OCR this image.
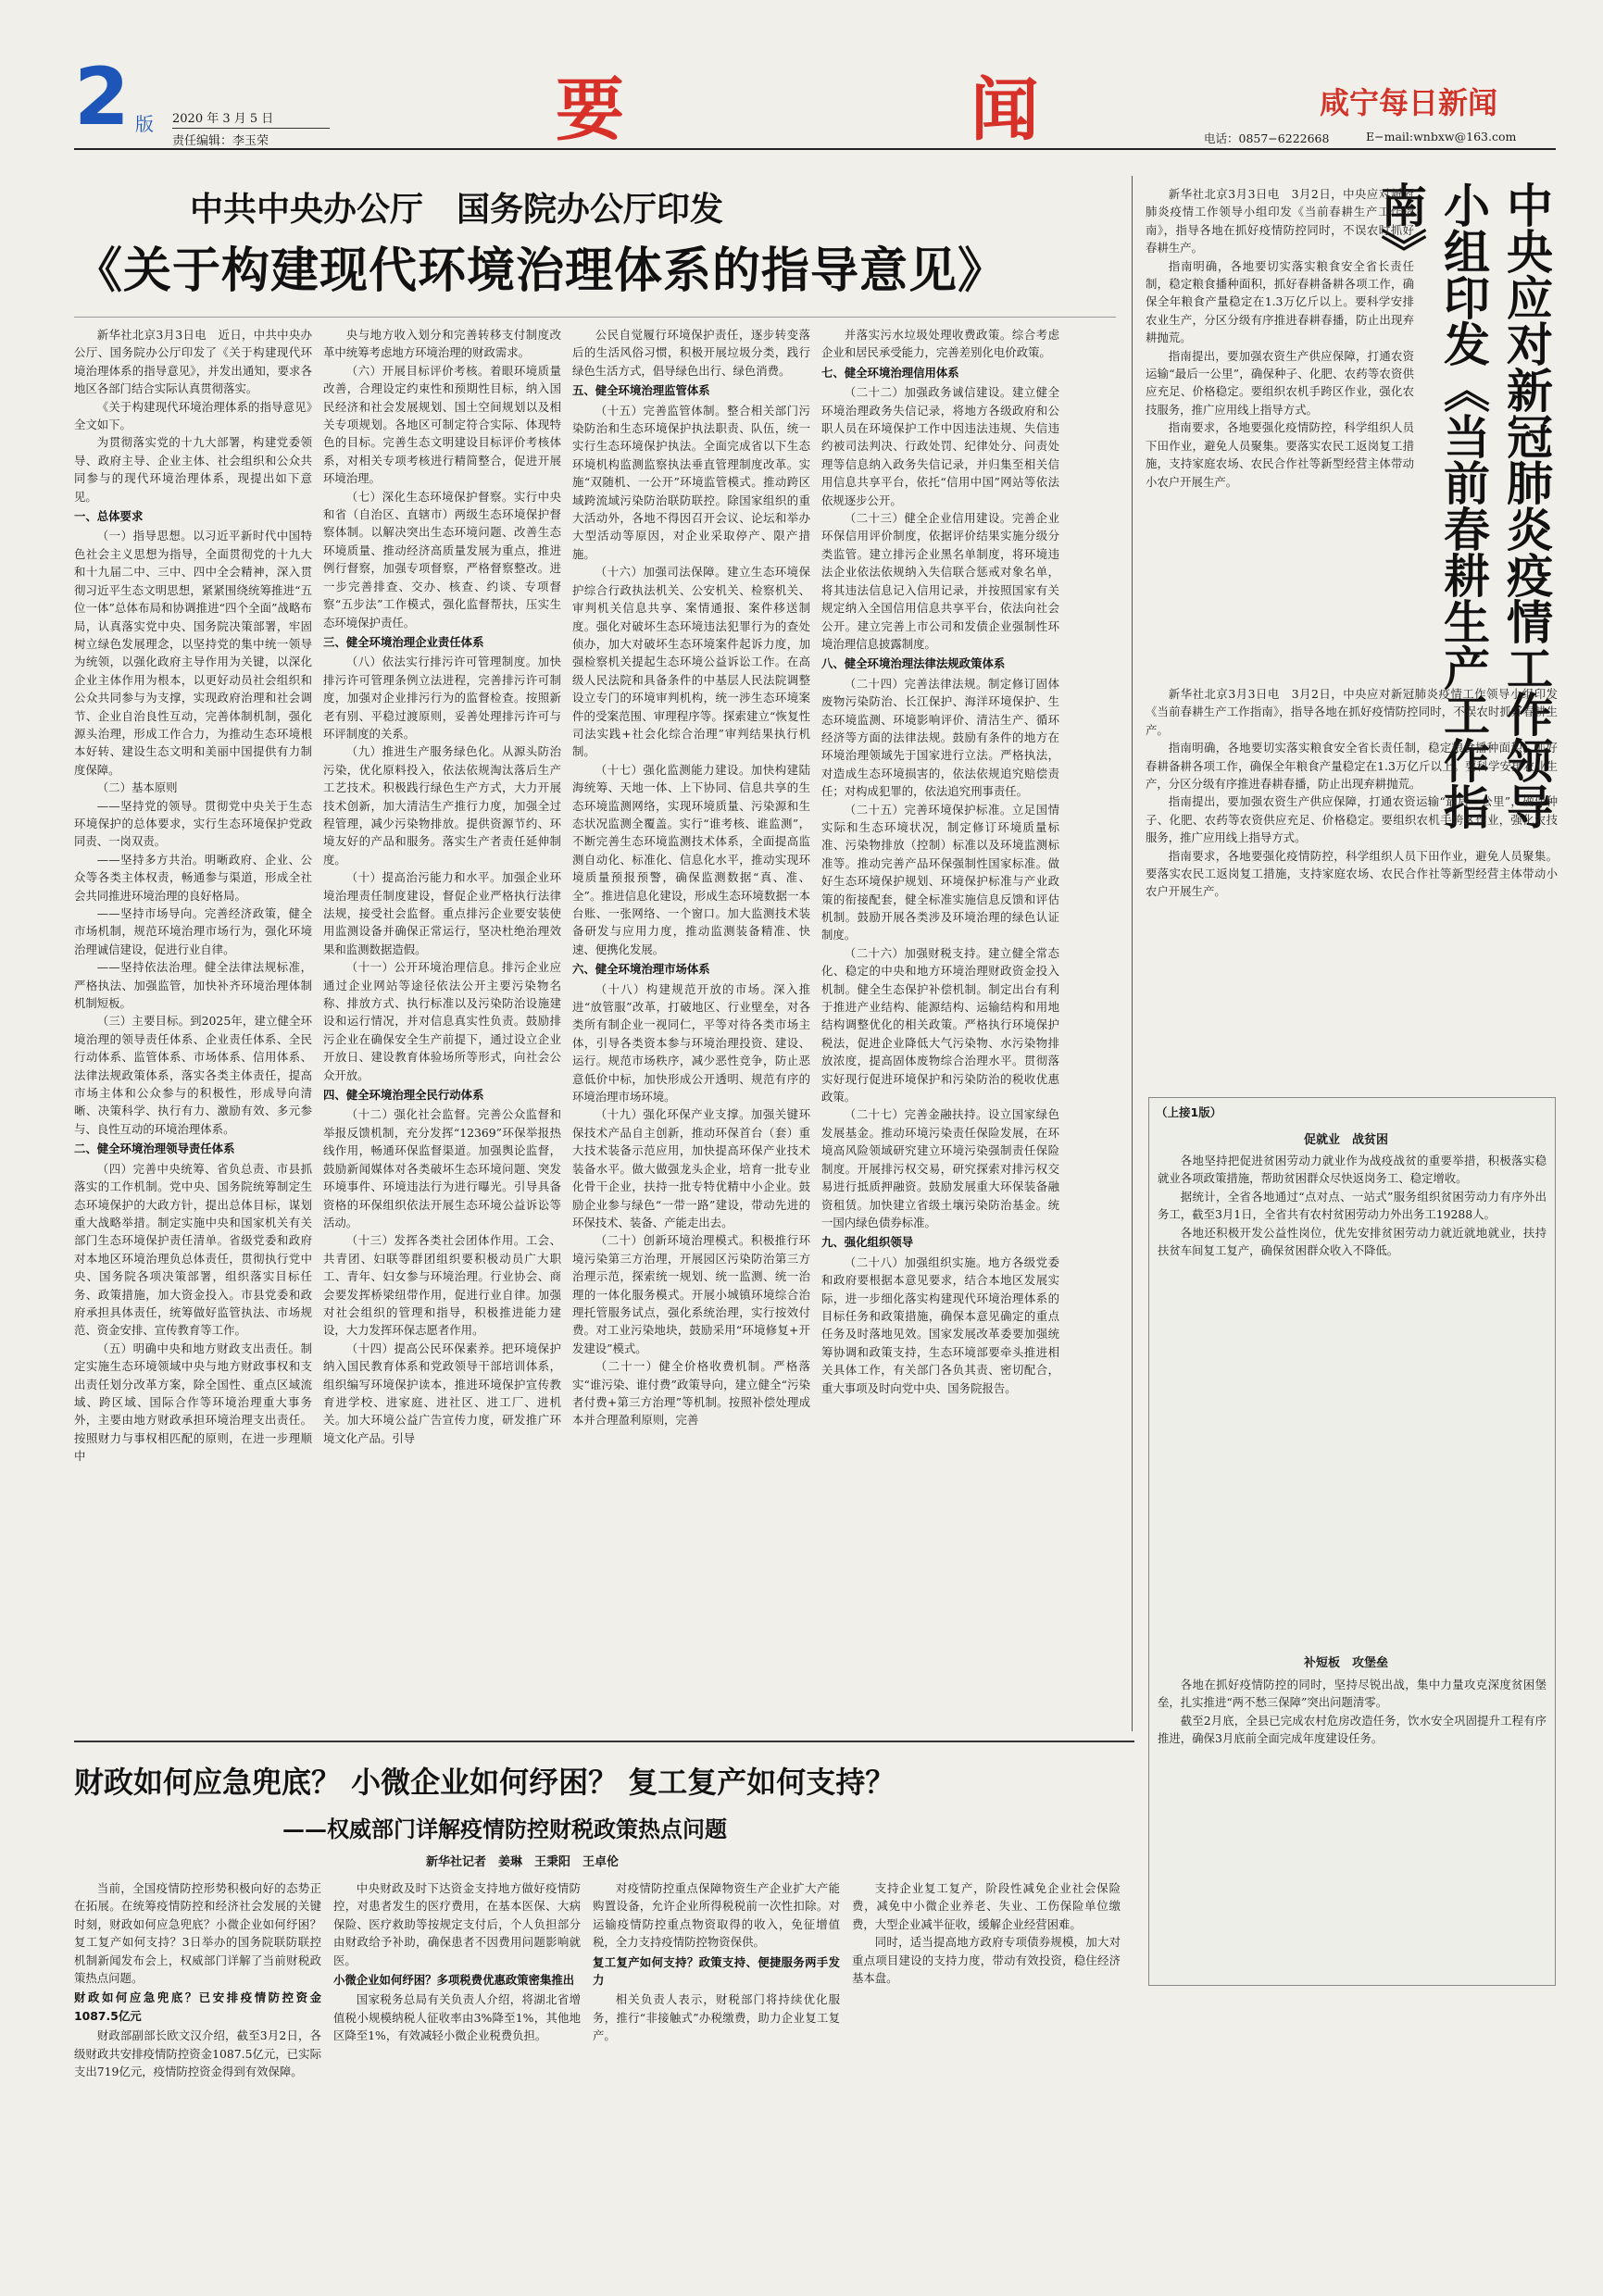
2 版 2020 年 3 月 5 日
责任编辑：李玉荣	要　闻	咸宁每日新闻
电话：0857−6222668	E−mail:wnbxw@163.com
中共中央办公厅　国务院办公厅印发
《关于构建现代环境治理体系的指导意见》

新华社北京3月3日电　近日，中共中央办公厅、国务院办公厅印发了《关于构建现代环境治理体系的指导意见》，并发出通知，要求各地区各部门结合实际认真贯彻落实。

《关于构建现代环境治理体系的指导意见》全文如下。

为贯彻落实党的十九大部署，构建党委领导、政府主导、企业主体、社会组织和公众共同参与的现代环境治理体系，现提出如下意见。

一、总体要求

（一）指导思想。以习近平新时代中国特色社会主义思想为指导，全面贯彻党的十九大和十九届二中、三中、四中全会精神，深入贯彻习近平生态文明思想，紧紧围绕统筹推进“五位一体”总体布局和协调推进“四个全面”战略布局，认真落实党中央、国务院决策部署，牢固树立绿色发展理念，以坚持党的集中统一领导为统领，以强化政府主导作用为关键，以深化企业主体作用为根本，以更好动员社会组织和公众共同参与为支撑，实现政府治理和社会调节、企业自治良性互动，完善体制机制，强化源头治理，形成工作合力，为推动生态环境根本好转、建设生态文明和美丽中国提供有力制度保障。

（二）基本原则

——坚持党的领导。贯彻党中央关于生态环境保护的总体要求，实行生态环境保护党政同责、一岗双责。

——坚持多方共治。明晰政府、企业、公众等各类主体权责，畅通参与渠道，形成全社会共同推进环境治理的良好格局。

——坚持市场导向。完善经济政策，健全市场机制，规范环境治理市场行为，强化环境治理诚信建设，促进行业自律。

——坚持依法治理。健全法律法规标准，严格执法、加强监管，加快补齐环境治理体制机制短板。

（三）主要目标。到2025年，建立健全环境治理的领导责任体系、企业责任体系、全民行动体系、监管体系、市场体系、信用体系、法律法规政策体系，落实各类主体责任，提高市场主体和公众参与的积极性，形成导向清晰、决策科学、执行有力、激励有效、多元参与、良性互动的环境治理体系。

二、健全环境治理领导责任体系

（四）完善中央统筹、省负总责、市县抓落实的工作机制。党中央、国务院统筹制定生态环境保护的大政方针，提出总体目标，谋划重大战略举措。制定实施中央和国家机关有关部门生态环境保护责任清单。省级党委和政府对本地区环境治理负总体责任，贯彻执行党中央、国务院各项决策部署，组织落实目标任务、政策措施，加大资金投入。市县党委和政府承担具体责任，统筹做好监管执法、市场规范、资金安排、宣传教育等工作。

（五）明确中央和地方财政支出责任。制定实施生态环境领域中央与地方财政事权和支出责任划分改革方案，除全国性、重点区域流域、跨区域、国际合作等环境治理重大事务外，主要由地方财政承担环境治理支出责任。按照财力与事权相匹配的原则，在进一步理顺中

央与地方收入划分和完善转移支付制度改革中统筹考虑地方环境治理的财政需求。

（六）开展目标评价考核。着眼环境质量改善，合理设定约束性和预期性目标，纳入国民经济和社会发展规划、国土空间规划以及相关专项规划。各地区可制定符合实际、体现特色的目标。完善生态文明建设目标评价考核体系，对相关专项考核进行精简整合，促进开展环境治理。

（七）深化生态环境保护督察。实行中央和省（自治区、直辖市）两级生态环境保护督察体制。以解决突出生态环境问题、改善生态环境质量、推动经济高质量发展为重点，推进例行督察，加强专项督察，严格督察整改。进一步完善排查、交办、核查、约谈、专项督察“五步法”工作模式，强化监督帮扶，压实生态环境保护责任。

三、健全环境治理企业责任体系

（八）依法实行排污许可管理制度。加快排污许可管理条例立法进程，完善排污许可制度，加强对企业排污行为的监督检查。按照新老有别、平稳过渡原则，妥善处理排污许可与环评制度的关系。

（九）推进生产服务绿色化。从源头防治污染，优化原料投入，依法依规淘汰落后生产工艺技术。积极践行绿色生产方式，大力开展技术创新，加大清洁生产推行力度，加强全过程管理，减少污染物排放。提供资源节约、环境友好的产品和服务。落实生产者责任延伸制度。

（十）提高治污能力和水平。加强企业环境治理责任制度建设，督促企业严格执行法律法规，接受社会监督。重点排污企业要安装使用监测设备并确保正常运行，坚决杜绝治理效果和监测数据造假。

（十一）公开环境治理信息。排污企业应通过企业网站等途径依法公开主要污染物名称、排放方式、执行标准以及污染防治设施建设和运行情况，并对信息真实性负责。鼓励排污企业在确保安全生产前提下，通过设立企业开放日、建设教育体验场所等形式，向社会公众开放。

四、健全环境治理全民行动体系

（十二）强化社会监督。完善公众监督和举报反馈机制，充分发挥“12369”环保举报热线作用，畅通环保监督渠道。加强舆论监督，鼓励新闻媒体对各类破坏生态环境问题、突发环境事件、环境违法行为进行曝光。引导具备资格的环保组织依法开展生态环境公益诉讼等活动。

（十三）发挥各类社会团体作用。工会、共青团、妇联等群团组织要积极动员广大职工、青年、妇女参与环境治理。行业协会、商会要发挥桥梁纽带作用，促进行业自律。加强对社会组织的管理和指导，积极推进能力建设，大力发挥环保志愿者作用。

（十四）提高公民环保素养。把环境保护纳入国民教育体系和党政领导干部培训体系，组织编写环境保护读本，推进环境保护宣传教育进学校、进家庭、进社区、进工厂、进机关。加大环境公益广告宣传力度，研发推广环境文化产品。引导

公民自觉履行环境保护责任，逐步转变落后的生活风俗习惯，积极开展垃圾分类，践行绿色生活方式，倡导绿色出行、绿色消费。

五、健全环境治理监管体系

（十五）完善监管体制。整合相关部门污染防治和生态环境保护执法职责、队伍，统一实行生态环境保护执法。全面完成省以下生态环境机构监测监察执法垂直管理制度改革。实施“双随机、一公开”环境监管模式。推动跨区域跨流域污染防治联防联控。除国家组织的重大活动外，各地不得因召开会议、论坛和举办大型活动等原因，对企业采取停产、限产措施。

（十六）加强司法保障。建立生态环境保护综合行政执法机关、公安机关、检察机关、审判机关信息共享、案情通报、案件移送制度。强化对破坏生态环境违法犯罪行为的查处侦办，加大对破坏生态环境案件起诉力度，加强检察机关提起生态环境公益诉讼工作。在高级人民法院和具备条件的中基层人民法院调整设立专门的环境审判机构，统一涉生态环境案件的受案范围、审理程序等。探索建立“恢复性司法实践+社会化综合治理”审判结果执行机制。

（十七）强化监测能力建设。加快构建陆海统筹、天地一体、上下协同、信息共享的生态环境监测网络，实现环境质量、污染源和生态状况监测全覆盖。实行“谁考核、谁监测”，不断完善生态环境监测技术体系，全面提高监测自动化、标准化、信息化水平，推动实现环境质量预报预警，确保监测数据“真、准、全”。推进信息化建设，形成生态环境数据一本台账、一张网络、一个窗口。加大监测技术装备研发与应用力度，推动监测装备精准、快速、便携化发展。

六、健全环境治理市场体系

（十八）构建规范开放的市场。深入推进“放管服”改革，打破地区、行业壁垒，对各类所有制企业一视同仁，平等对待各类市场主体，引导各类资本参与环境治理投资、建设、运行。规范市场秩序，减少恶性竞争，防止恶意低价中标，加快形成公开透明、规范有序的环境治理市场环境。

（十九）强化环保产业支撑。加强关键环保技术产品自主创新，推动环保首台（套）重大技术装备示范应用，加快提高环保产业技术装备水平。做大做强龙头企业，培育一批专业化骨干企业，扶持一批专特优精中小企业。鼓励企业参与绿色“一带一路”建设，带动先进的环保技术、装备、产能走出去。

（二十）创新环境治理模式。积极推行环境污染第三方治理，开展园区污染防治第三方治理示范，探索统一规划、统一监测、统一治理的一体化服务模式。开展小城镇环境综合治理托管服务试点，强化系统治理，实行按效付费。对工业污染地块，鼓励采用“环境修复+开发建设”模式。

（二十一）健全价格收费机制。严格落实“谁污染、谁付费”政策导向，建立健全“污染者付费+第三方治理”等机制。按照补偿处理成本并合理盈利原则，完善

并落实污水垃圾处理收费政策。综合考虑企业和居民承受能力，完善差别化电价政策。

七、健全环境治理信用体系

（二十二）加强政务诚信建设。建立健全环境治理政务失信记录，将地方各级政府和公职人员在环境保护工作中因违法违规、失信违约被司法判决、行政处罚、纪律处分、问责处理等信息纳入政务失信记录，并归集至相关信用信息共享平台，依托“信用中国”网站等依法依规逐步公开。

（二十三）健全企业信用建设。完善企业环保信用评价制度，依据评价结果实施分级分类监管。建立排污企业黑名单制度，将环境违法企业依法依规纳入失信联合惩戒对象名单，将其违法信息记入信用记录，并按照国家有关规定纳入全国信用信息共享平台，依法向社会公开。建立完善上市公司和发债企业强制性环境治理信息披露制度。

八、健全环境治理法律法规政策体系

（二十四）完善法律法规。制定修订固体废物污染防治、长江保护、海洋环境保护、生态环境监测、环境影响评价、清洁生产、循环经济等方面的法律法规。鼓励有条件的地方在环境治理领域先于国家进行立法。严格执法，对造成生态环境损害的，依法依规追究赔偿责任；对构成犯罪的，依法追究刑事责任。

（二十五）完善环境保护标准。立足国情实际和生态环境状况，制定修订环境质量标准、污染物排放（控制）标准以及环境监测标准等。推动完善产品环保强制性国家标准。做好生态环境保护规划、环境保护标准与产业政策的衔接配套，健全标准实施信息反馈和评估机制。鼓励开展各类涉及环境治理的绿色认证制度。

（二十六）加强财税支持。建立健全常态化、稳定的中央和地方环境治理财政资金投入机制。健全生态保护补偿机制。制定出台有利于推进产业结构、能源结构、运输结构和用地结构调整优化的相关政策。严格执行环境保护税法，促进企业降低大气污染物、水污染物排放浓度，提高固体废物综合治理水平。贯彻落实好现行促进环境保护和污染防治的税收优惠政策。

（二十七）完善金融扶持。设立国家绿色发展基金。推动环境污染责任保险发展，在环境高风险领域研究建立环境污染强制责任保险制度。开展排污权交易，研究探索对排污权交易进行抵质押融资。鼓励发展重大环保装备融资租赁。加快建立省级土壤污染防治基金。统一国内绿色债券标准。

九、强化组织领导

（二十八）加强组织实施。地方各级党委和政府要根据本意见要求，结合本地区发展实际，进一步细化落实构建现代环境治理体系的目标任务和政策措施，确保本意见确定的重点任务及时落地见效。国家发展改革委要加强统筹协调和政策支持，生态环境部要牵头推进相关具体工作，有关部门各负其责、密切配合，重大事项及时向党中央、国务院报告。

中央应对新冠肺炎疫情工作领导小组印发《当前春耕生产工作指南》

新华社北京3月3日电　3月2日，中央应对新冠肺炎疫情工作领导小组印发《当前春耕生产工作指南》，指导各地在抓好疫情防控同时，不误农时抓好春耕生产。

指南明确，各地要切实落实粮食安全省长责任制，稳定粮食播种面积，抓好春耕备耕各项工作，确保全年粮食产量稳定在1.3万亿斤以上。要科学安排农业生产，分区分级有序推进春耕春播，防止出现弃耕抛荒。

指南提出，要加强农资生产供应保障，打通农资运输“最后一公里”，确保种子、化肥、农药等农资供应充足、价格稳定。要组织农机手跨区作业，强化农技服务，推广应用线上指导方式。

指南要求，各地要强化疫情防控，科学组织人员下田作业，避免人员聚集。要落实农民工返岗复工措施，支持家庭农场、农民合作社等新型经营主体带动小农户开展生产。

新华社北京3月3日电　3月2日，中央应对新冠肺炎疫情工作领导小组印发《当前春耕生产工作指南》，指导各地在抓好疫情防控同时，不误农时抓好春耕生产。

指南明确，各地要切实落实粮食安全省长责任制，稳定粮食播种面积，抓好春耕备耕各项工作，确保全年粮食产量稳定在1.3万亿斤以上。要科学安排农业生产，分区分级有序推进春耕春播，防止出现弃耕抛荒。

指南提出，要加强农资生产供应保障，打通农资运输“最后一公里”，确保种子、化肥、农药等农资供应充足、价格稳定。要组织农机手跨区作业，强化农技服务，推广应用线上指导方式。

指南要求，各地要强化疫情防控，科学组织人员下田作业，避免人员聚集。要落实农民工返岗复工措施，支持家庭农场、农民合作社等新型经营主体带动小农户开展生产。

（上接1版）
促就业　战贫困

各地坚持把促进贫困劳动力就业作为战疫战贫的重要举措，积极落实稳就业各项政策措施，帮助贫困群众尽快返岗务工、稳定增收。

据统计，全省各地通过“点对点、一站式”服务组织贫困劳动力有序外出务工，截至3月1日，全省共有农村贫困劳动力外出务工19288人。

各地还积极开发公益性岗位，优先安排贫困劳动力就近就地就业，扶持扶贫车间复工复产，确保贫困群众收入不降低。

补短板　攻堡垒

各地在抓好疫情防控的同时，坚持尽锐出战，集中力量攻克深度贫困堡垒，扎实推进“两不愁三保障”突出问题清零。

截至2月底，全县已完成农村危房改造任务，饮水安全巩固提升工程有序推进，确保3月底前全面完成年度建设任务。

财政如何应急兜底？ 小微企业如何纾困？ 复工复产如何支持？
——权威部门详解疫情防控财税政策热点问题
新华社记者　姜琳　王秉阳　王卓伦

当前，全国疫情防控形势积极向好的态势正在拓展。在统筹疫情防控和经济社会发展的关键时刻，财政如何应急兜底？小微企业如何纾困？复工复产如何支持？3日举办的国务院联防联控机制新闻发布会上，权威部门详解了当前财税政策热点问题。

财政如何应急兜底？已安排疫情防控资金1087.5亿元

财政部副部长欧文汉介绍，截至3月2日，各级财政共安排疫情防控资金1087.5亿元，已实际支出719亿元，疫情防控资金得到有效保障。

中央财政及时下达资金支持地方做好疫情防控，对患者发生的医疗费用，在基本医保、大病保险、医疗救助等按规定支付后，个人负担部分由财政给予补助，确保患者不因费用问题影响就医。

小微企业如何纾困？多项税费优惠政策密集推出

国家税务总局有关负责人介绍，将湖北省增值税小规模纳税人征收率由3%降至1%，其他地区降至1%，有效减轻小微企业税费负担。

对疫情防控重点保障物资生产企业扩大产能购置设备，允许企业所得税税前一次性扣除。对运输疫情防控重点物资取得的收入，免征增值税，全力支持疫情防控物资保供。

复工复产如何支持？政策支持、便捷服务两手发力

相关负责人表示，财税部门将持续优化服务，推行“非接触式”办税缴费，助力企业复工复产。

支持企业复工复产，阶段性减免企业社会保险费，减免中小微企业养老、失业、工伤保险单位缴费，大型企业减半征收，缓解企业经营困难。

同时，适当提高地方政府专项债券规模，加大对重点项目建设的支持力度，带动有效投资，稳住经济基本盘。
